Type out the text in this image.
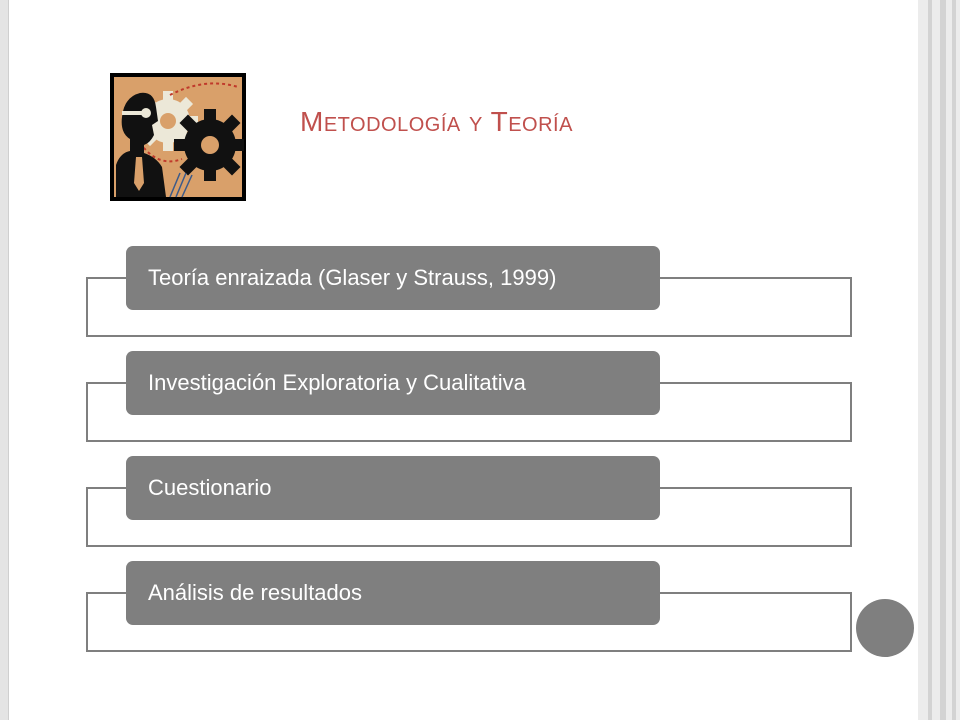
Metodología y Teoría
Teoría enraizada (Glaser y Strauss, 1999)
Investigación Exploratoria y Cualitativa
Cuestionario
Análisis de resultados
